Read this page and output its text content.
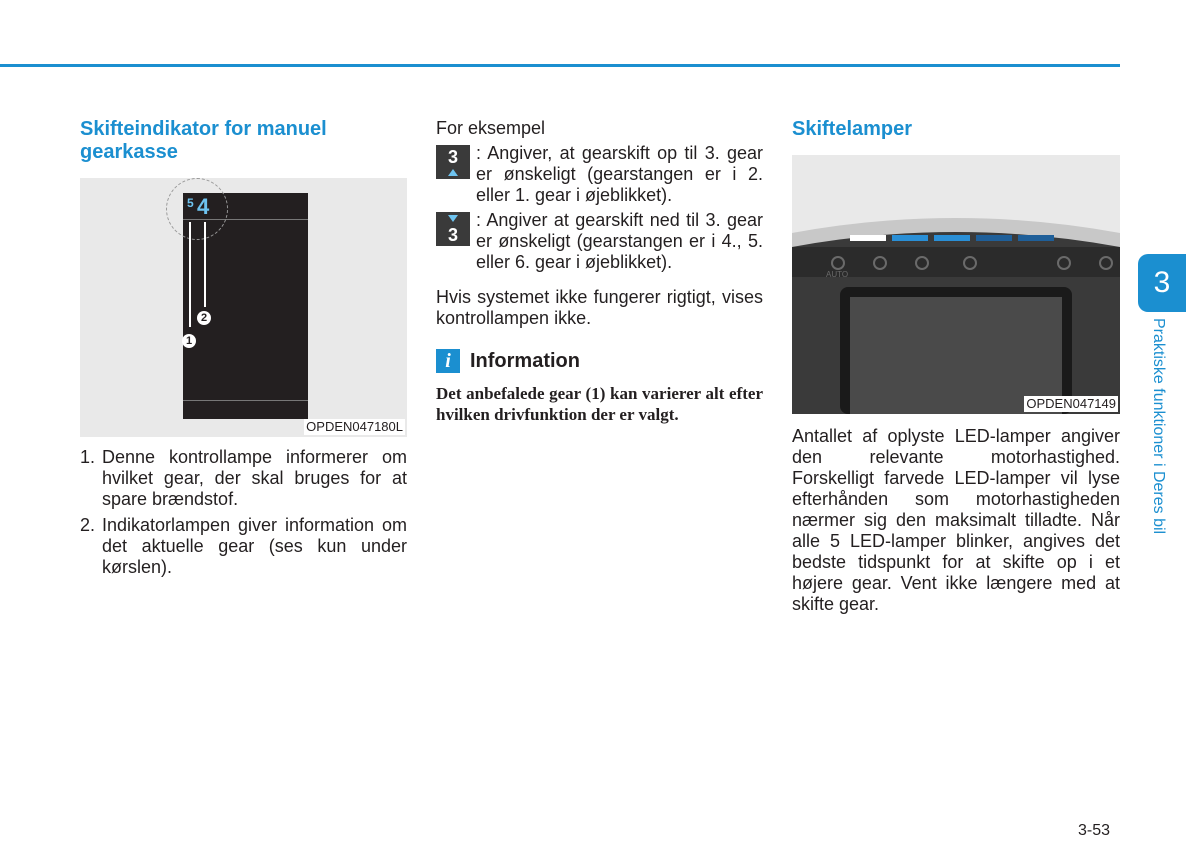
Skifteindikator for manuel gearkasse
5 4
1
2
OPDEN047180L
1. Denne kontrollampe informerer om hvilket gear, der skal bruges for at spare brændstof.
2. Indikatorlampen giver information om det aktuelle gear (ses kun under kørslen).
For eksempel
3	: Angiver, at gearskift op til 3. gear er ønskeligt (gearstangen er i 2. eller 1. gear i øjeblikket).
3
: Angiver at gearskift ned til 3. gear er ønskeligt (gearstangen er i 4., 5. eller 6. gear i øjeblikket).

Hvis systemet ikke fungerer rigtigt, vises kontrollampen ikke.

i Information
Det anbefalede gear (1) kan varierer alt efter hvilken drivfunktion der er valgt.
Skiftelamper
AUTO
OPDEN047149

Antallet af oplyste LED-lamper angiver den relevante motorhastighed. Forskelligt farvede LED-lamper vil lyse efterhånden som motorhastigheden nærmer sig den maksimalt tilladte. Når alle 5 LED-lamper blinker, angives det bedste tidspunkt for at skifte op i et højere gear. Vent ikke længere med at skifte gear.

3
Praktiske funktioner i Deres bil
3-53
